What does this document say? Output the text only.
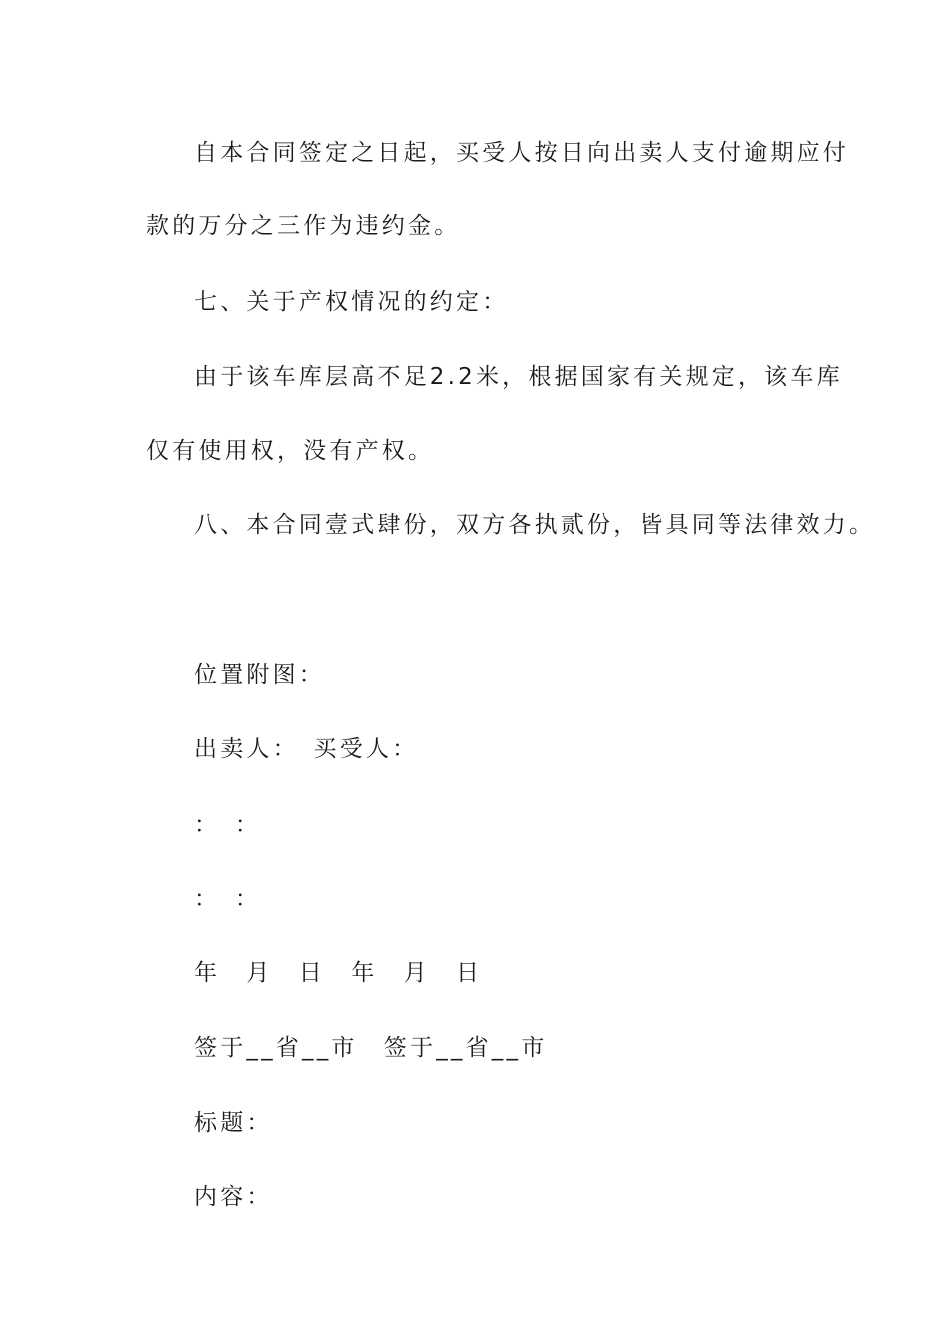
自本合同签定之日起，买受人按日向出卖人支付逾期应付
款的万分之三作为违约金。
七、关于产权情况的约定：
由于该车库层高不足2.2米，根据国家有关规定，该车库
仅有使用权，没有产权。
八、本合同壹式肆份，双方各执贰份，皆具同等法律效力。
位置附图：
出卖人：　买受人：
：　：
：　：
年　月　日　年　月　日
签于__省__市　签于__省__市
标题：
内容：
